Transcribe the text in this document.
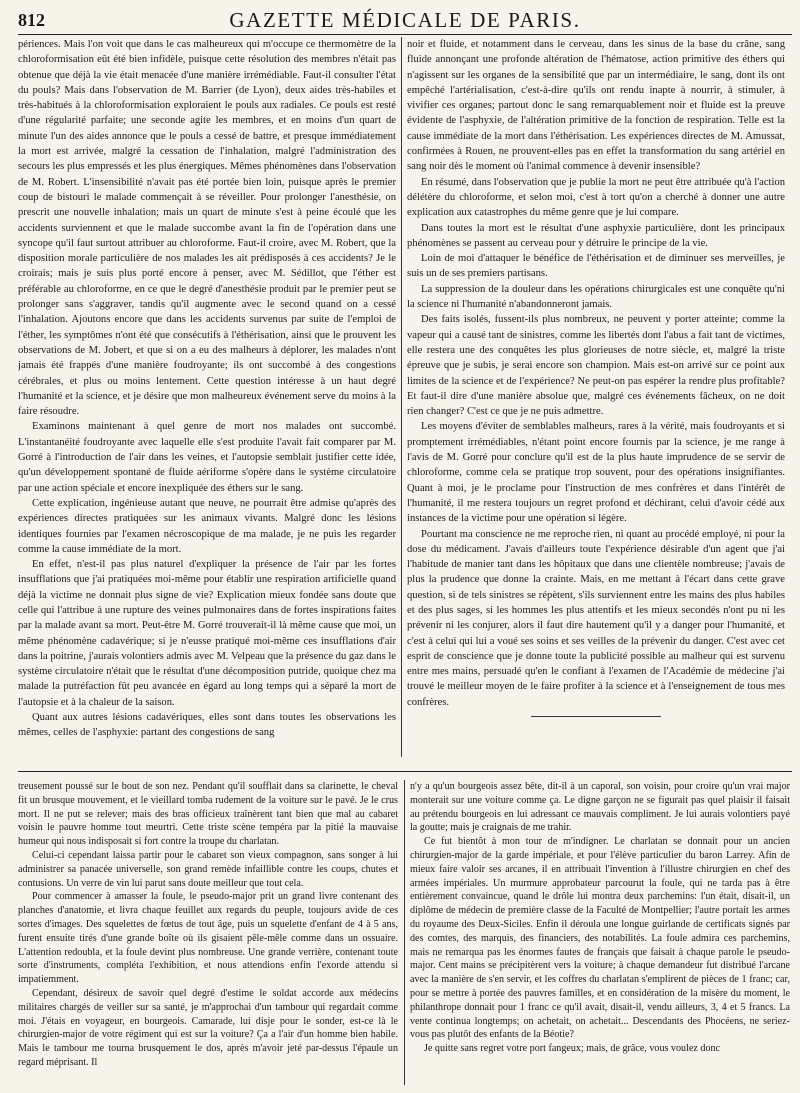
812	GAZETTE MÉDICALE DE PARIS.

périences. Mais l'on voit que dans le cas malheureux qui m'occupe ce thermomètre de la chloroformisation eût été bien infidèle, puisque cette résolution des membres n'était pas obtenue que déjà la vie était menacée d'une manière irrémédiable. Faut-il consulter l'état du pouls? Mais dans l'observation de M. Barrier (de Lyon), deux aides très-habiles et très-habitués à la chloroformisation exploraient le pouls aux radiales. Ce pouls est resté d'une régularité parfaite; une seconde agite les membres, et en moins d'un quart de minute l'un des aides annonce que le pouls a cessé de battre, et presque immédiatement la mort est arrivée, malgré la cessation de l'inhalation, malgré l'administration des secours les plus empressés et les plus énergiques. Mêmes phénomènes dans l'observation de M. Robert. L'insensibilité n'avait pas été portée bien loin, puisque après le premier coup de bistouri le malade commençait à se réveiller. Pour prolonger l'anesthésie, on prescrit une nouvelle inhalation; mais un quart de minute s'est à peine écoulé que les accidents surviennent et que le malade succombe avant la fin de l'opération dans une syncope qu'il faut surtout attribuer au chloroforme. Faut-il croire, avec M. Robert, que la disposition morale particulière de nos malades les ait prédisposés à ces accidents? Je le croirais; mais je suis plus porté encore à penser, avec M. Sédillot, que l'éther est préférable au chloroforme, en ce que le degré d'anesthésie produit par le premier peut se prolonger sans s'aggraver, tandis qu'il augmente avec le second quand on a cessé l'inhalation. Ajoutons encore que dans les accidents survenus par suite de l'emploi de l'éther, les symptômes n'ont été que consécutifs à l'éthérisation, ainsi que le prouvent les observations de M. Jobert, et que si on a eu des malheurs à déplorer, les malades n'ont jamais été frappés d'une manière foudroyante; ils ont succombé à des congestions cérébrales, et plus ou moins lentement. Cette question intéresse à un haut degré l'humanité et la science, et je désire que mon malheureux événement serve du moins à la faire résoudre.

Examinons maintenant à quel genre de mort nos malades ont succombé. L'instantanéité foudroyante avec laquelle elle s'est produite l'avait fait comparer par M. Gorré à l'introduction de l'air dans les veines, et l'autopsie semblait justifier cette idée, qu'un développement spontané de fluide aériforme s'opère dans le système circulatoire par une action spéciale et encore inexpliquée des éthers sur le sang.

Cette explication, ingénieuse autant que neuve, ne pourrait être admise qu'après des expériences directes pratiquées sur les animaux vivants. Malgré donc les lésions identiques fournies par l'examen nécroscopique de ma malade, je ne puis les regarder comme la cause immédiate de la mort.

En effet, n'est-il pas plus naturel d'expliquer la présence de l'air par les fortes insufflations que j'ai pratiquées moi-même pour établir une respiration artificielle quand déjà la victime ne donnait plus signe de vie? Explication mieux fondée sans doute que celle qui l'attribue à une rupture des veines pulmonaires dans de fortes inspirations faites par la malade avant sa mort. Peut-être M. Gorré trouverait-il là même cause que moi, un même phénomène cadavérique; si je n'eusse pratiqué moi-même ces insufflations d'air dans la poitrine, j'aurais volontiers admis avec M. Velpeau que la présence du gaz dans le système circulatoire n'était que le résultat d'une décomposition putride, quoique chez ma malade la putréfaction fût peu avancée en égard au long temps qui a séparé la mort de l'autopsie et à la chaleur de la saison.

Quant aux autres lésions cadavériques, elles sont dans toutes les observations les mêmes, celles de l'asphyxie: partant des congestions de sang

noir et fluide, et notamment dans le cerveau, dans les sinus de la base du crâne, sang fluide annonçant une profonde altération de l'hématose, action primitive des éthers qui n'agissent sur les organes de la sensibilité que par un intermédiaire, le sang, dont ils ont empêché l'artérialisation, c'est-à-dire qu'ils ont rendu inapte à nourrir, à stimuler, à vivifier ces organes; partout donc le sang remarquablement noir et fluide est la preuve évidente de l'asphyxie, de l'altération primitive de la fonction de respiration. Telle est la cause immédiate de la mort dans l'éthérisation. Les expériences directes de M. Amussat, confirmées à Rouen, ne prouvent-elles pas en effet la transformation du sang artériel en sang noir dès le moment où l'animal commence à devenir insensible?

En résumé, dans l'observation que je publie la mort ne peut être attribuée qu'à l'action délétère du chloroforme, et selon moi, c'est à tort qu'on a cherché à donner une autre explication aux catastrophes du même genre que je lui compare.

Dans toutes la mort est le résultat d'une asphyxie particulière, dont les principaux phénomènes se passent au cerveau pour y détruire le principe de la vie.

Loin de moi d'attaquer le bénéfice de l'éthérisation et de diminuer ses merveilles, je suis un de ses premiers partisans.

La suppression de la douleur dans les opérations chirurgicales est une conquête qu'ni la science ni l'humanité n'abandonneront jamais.

Des faits isolés, fussent-ils plus nombreux, ne peuvent y porter atteinte; comme la vapeur qui a causé tant de sinistres, comme les libertés dont l'abus a fait tant de victimes, elle restera une des conquêtes les plus glorieuses de notre siècle, et, malgré la triste épreuve que je subis, je serai encore son champion. Mais est-on arrivé sur ce point aux limites de la science et de l'expérience? Ne peut-on pas espérer la rendre plus profitable? Et faut-il dire d'une manière absolue que, malgré ces événements fâcheux, on ne doit rien changer? C'est ce que je ne puis admettre.

Les moyens d'éviter de semblables malheurs, rares à la vérité, mais foudroyants et si promptement irrémédiables, n'étant point encore fournis par la science, je me range à l'avis de M. Gorré pour conclure qu'il est de la plus haute imprudence de se servir de chloroforme, comme cela se pratique trop souvent, pour des opérations insignifiantes. Quant à moi, je le proclame pour l'instruction de mes confrères et dans l'intérêt de l'humanité, il me restera toujours un regret profond et déchirant, celui d'avoir cédé aux instances de la victime pour une opération si légère.

Pourtant ma conscience ne me reproche rien, ni quant au procédé employé, ni pour la dose du médicament. J'avais d'ailleurs toute l'expérience désirable d'un agent que j'ai l'habitude de manier tant dans les hôpitaux que dans une clientèle nombreuse; j'avais de plus la prudence que donne la crainte. Mais, en me mettant à l'écart dans cette grave question, si de tels sinistres se répètent, s'ils surviennent entre les mains des plus habiles et des plus sages, si les hommes les plus attentifs et les mieux secondés n'ont pu ni les prévenir ni les conjurer, alors il faut dire hautement qu'il y a danger pour l'humanité, et c'est à celui qui lui a voué ses soins et ses veilles de la prévenir du danger. C'est avec cet esprit de conscience que je donne toute la publicité possible au malheur qui est survenu entre mes mains, persuadé qu'en le confiant à l'examen de l'Académie de médecine j'ai trouvé le meilleur moyen de le faire profiter à la science et à l'enseignement de tous mes confrères.

treusement poussé sur le bout de son nez. Pendant qu'il soufflait dans sa clarinette, le cheval fit un brusque mouvement, et le vieillard tomba rudement de la voiture sur le pavé. Je le crus mort. Il ne put se relever; mais des bras officieux traînèrent tant bien que mal au cabaret voisin le pauvre homme tout meurtri. Cette triste scène tempéra par la pitié la mauvaise humeur qui nous indisposait si fort contre la troupe du charlatan.

Celui-ci cependant laissa partir pour le cabaret son vieux compagnon, sans songer à lui administrer sa panacée universelle, son grand remède infaillible contre les coups, chutes et contusions. Un verre de vin lui parut sans doute meilleur que tout cela.

Pour commencer à amasser la foule, le pseudo-major prit un grand livre contenant des planches d'anatomie, et livra chaque feuillet aux regards du peuple, toujours avide de ces sortes d'images. Des squelettes de fœtus de tout âge, puis un squelette d'enfant de 4 à 5 ans, furent ensuite tirés d'une grande boîte où ils gisaient pêle-mêle comme dans un ossuaire. L'attention redoubla, et la foule devint plus nombreuse. Une grande verrière, contenant toute sorte d'instruments, compléta l'exhibition, et nous attendions enfin l'exorde attendu si impatiemment.

Cependant, désireux de savoir quel degré d'estime le soldat accorde aux médecins militaires chargés de veiller sur sa santé, je m'approchai d'un tambour qui regardait comme moi. J'étais en voyageur, en bourgeois. Camarade, lui disje pour le sonder, est-ce là le chirurgien-major de votre régiment qui est sur la voiture? Ça a l'air d'un homme bien habile. Mais le tambour me tourna brusquement le dos, après m'avoir jeté par-dessus l'épaule un regard méprisant. Il

n'y a qu'un bourgeois assez bête, dit-il à un caporal, son voisin, pour croire qu'un vrai major monterait sur une voiture comme ça. Le digne garçon ne se figurait pas quel plaisir il faisait au prétendu bourgeois en lui adressant ce mauvais compliment. Je lui aurais volontiers payé la goutte; mais je craignais de me trahir.

Ce fut bientôt à mon tour de m'indigner. Le charlatan se donnait pour un ancien chirurgien-major de la garde impériale, et pour l'élève particulier du baron Larrey. Afin de mieux faire valoir ses arcanes, il en attribuait l'invention à l'illustre chirurgien en chef des armées impériales. Un murmure approbateur parcourut la foule, qui ne tarda pas à être entièrement convaincue, quand le drôle lui montra deux parchemins: l'un était, disait-il, un diplôme de médecin de première classe de la Faculté de Montpellier; l'autre portait les armes du royaume des Deux-Siciles. Enfin il déroula une longue guirlande de certificats signés par des comtes, des marquis, des financiers, des notabilités. La foule admira ces parchemins, mais ne remarqua pas les énormes fautes de français que faisait à chaque parole le pseudo-major. Cent mains se précipitèrent vers la voiture; à chaque demandeur fut distribué l'arcane avec la manière de s'en servir, et les coffres du charlatan s'emplirent de pièces de 1 franc; car, pour se mettre à portée des pauvres familles, et en considération de la misère du moment, le philanthrope donnait pour 1 franc ce qu'il avait, disait-il, vendu ailleurs, 3, 4 et 5 francs. La vente continua longtemps; on achetait, on achetait... Descendants des Phocéens, ne seriez-vous pas plutôt des enfants de la Béotie?

Je quitte sans regret votre port fangeux; mais, de grâce, vous voulez donc
